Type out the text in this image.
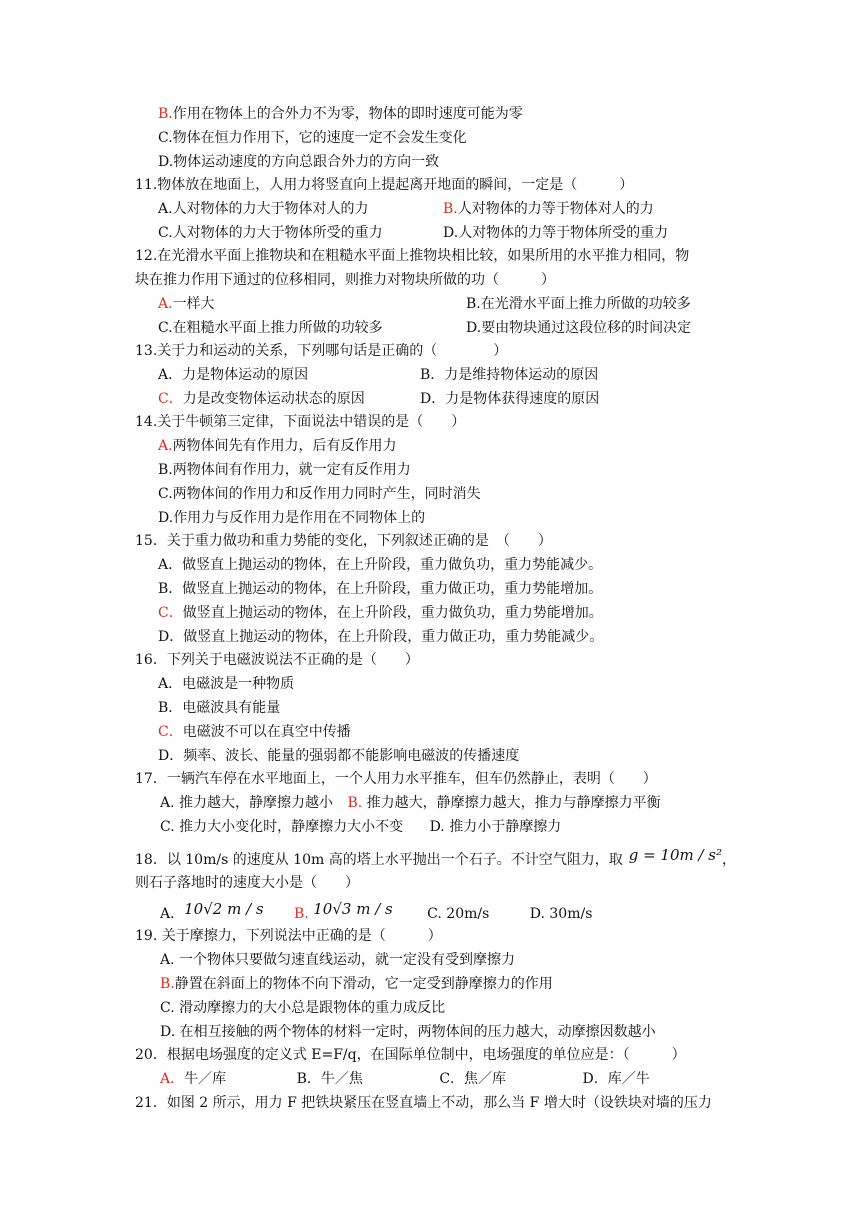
B.作用在物体上的合外力不为零，物体的即时速度可能为零
C.物体在恒力作用下，它的速度一定不会发生变化
D.物体运动速度的方向总跟合外力的方向一致
11.物体放在地面上，人用力将竖直向上提起离开地面的瞬间，一定是（　　　）
A.人对物体的力大于物体对人的力	B.人对物体的力等于物体对人的力
C.人对物体的力大于物体所受的重力	D.人对物体的力等于物体所受的重力
12.在光滑水平面上推物块和在粗糙水平面上推物块相比较，如果所用的水平推力相同，物
块在推力作用下通过的位移相同，则推力对物块所做的功（　　　）
A.一样大	B.在光滑水平面上推力所做的功较多
C.在粗糙水平面上推力所做的功较多	D.要由物块通过这段位移的时间决定
13.关于力和运动的关系，下列哪句话是正确的（　　　　）
A．力是物体运动的原因	B．力是维持物体运动的原因
C．力是改变物体运动状态的原因	D．力是物体获得速度的原因
14.关于牛顿第三定律，下面说法中错误的是（　　）
A.两物体间先有作用力，后有反作用力
B.两物体间有作用力，就一定有反作用力
C.两物体间的作用力和反作用力同时产生，同时消失
D.作用力与反作用力是作用在不同物体上的
15．关于重力做功和重力势能的变化，下列叙述正确的是　（　　）
A．做竖直上抛运动的物体，在上升阶段，重力做负功，重力势能减少。
B．做竖直上抛运动的物体，在上升阶段，重力做正功，重力势能增加。
C．做竖直上抛运动的物体，在上升阶段，重力做负功，重力势能增加。
D．做竖直上抛运动的物体，在上升阶段，重力做正功，重力势能减少。
16．下列关于电磁波说法不正确的是（　　）
A．电磁波是一种物质
B．电磁波具有能量
C．电磁波不可以在真空中传播
D．频率、波长、能量的强弱都不能影响电磁波的传播速度
17．一辆汽车停在水平地面上，一个人用力水平推车，但车仍然静止，表明（　　）
A. 推力越大，静摩擦力越小 B. 推力越大，静摩擦力越大，推力与静摩擦力平衡
C. 推力大小变化时，静摩擦力大小不变 D. 推力小于静摩擦力
18．以 10m/s 的速度从 10m 高的塔上水平抛出一个石子。不计空气阻力，取 g = 10m / s²，
则石子落地时的速度大小是（　　）
A．10√2 m / s B. 10√3 m / s C. 20m/s	D. 30m/s
19. 关于摩擦力，下列说法中正确的是（　　　）
A. 一个物体只要做匀速直线运动，就一定没有受到摩擦力
B.静置在斜面上的物体不向下滑动，它一定受到静摩擦力的作用
C. 滑动摩擦力的大小总是跟物体的重力成反比
D. 在相互接触的两个物体的材料一定时，两物体间的压力越大，动摩擦因数越小
20．根据电场强度的定义式 E=F/q，在国际单位制中，电场强度的单位应是：（　　　）
A．牛／库	B．牛／焦	C．焦／库	D．库／牛
21．如图 2 所示，用力 F 把铁块紧压在竖直墙上不动，那么当 F 增大时（设铁块对墙的压力
